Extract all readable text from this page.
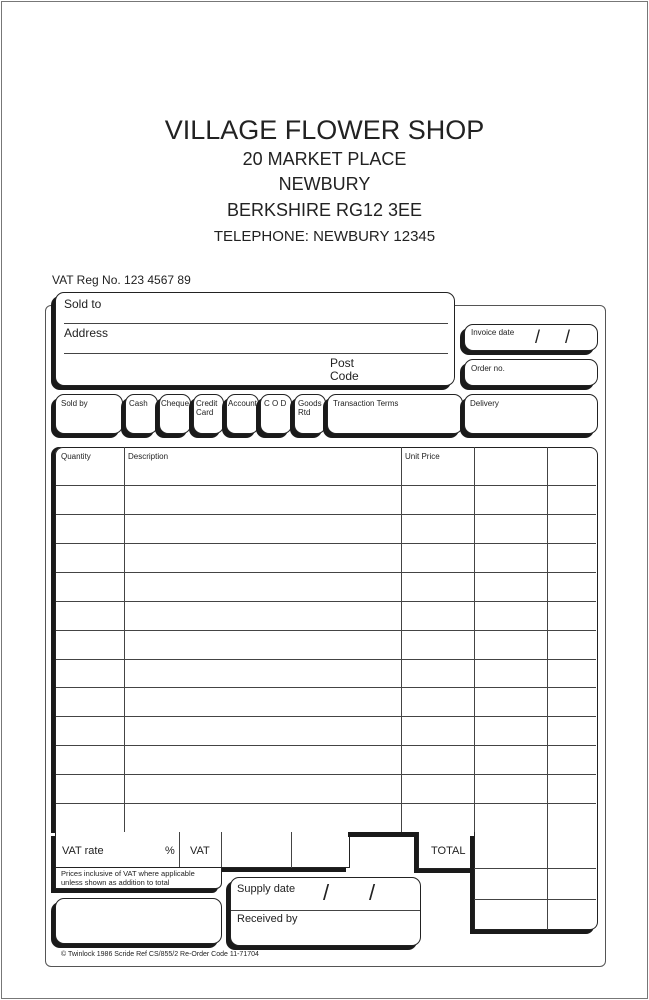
VILLAGE FLOWER SHOP
20 MARKET PLACE
NEWBURY
BERKSHIRE RG12 3EE
TELEPHONE: NEWBURY 12345
VAT Reg No. 123 4567 89
Sold to
Address
Post
Code
Invoice date / /
Order no.
Sold by	Cash Cheque Credit
Card
Account C O D Goods
Rtd
Transaction Terms	Delivery
Quantity	Description	Unit Price
VAT rate	% VAT
Prices inclusive of VAT where applicable
unless shown as addition to total
TOTAL
Supply date / /
Received by
© Twinlock 1986 Scride Ref CS/855/2 Re-Order Code 11-71704
